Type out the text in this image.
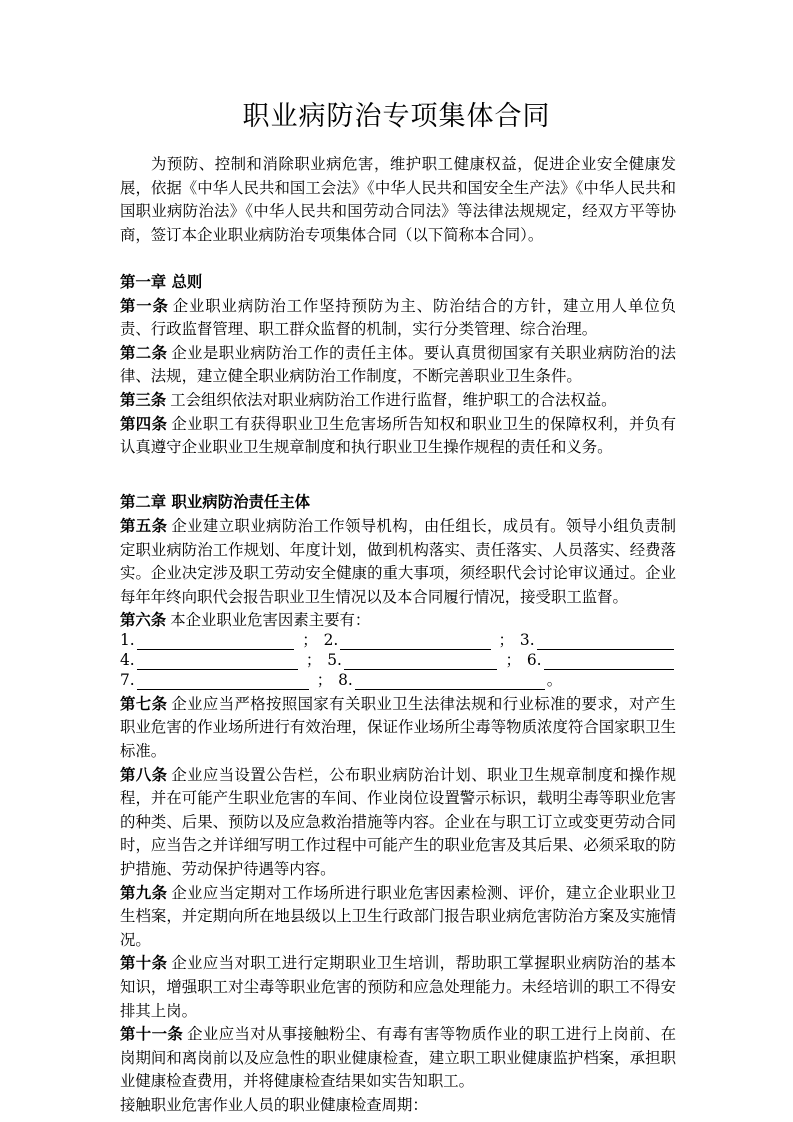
职业病防治专项集体合同

为预防、控制和消除职业病危害，维护职工健康权益，促进企业安全健康发展，依据《中华人民共和国工会法》《中华人民共和国安全生产法》《中华人民共和国职业病防治法》《中华人民共和国劳动合同法》等法律法规规定，经双方平等协商，签订本企业职业病防治专项集体合同（以下简称本合同）。

第一章 总则

第一条 企业职业病防治工作坚持预防为主、防治结合的方针，建立用人单位负责、行政监督管理、职工群众监督的机制，实行分类管理、综合治理。

第二条 企业是职业病防治工作的责任主体。要认真贯彻国家有关职业病防治的法律、法规，建立健全职业病防治工作制度，不断完善职业卫生条件。

第三条 工会组织依法对职业病防治工作进行监督，维护职工的合法权益。

第四条 企业职工有获得职业卫生危害场所告知权和职业卫生的保障权利，并负有认真遵守企业职业卫生规章制度和执行职业卫生操作规程的责任和义务。

第二章 职业病防治责任主体

第五条 企业建立职业病防治工作领导机构，由任组长，成员有。领导小组负责制定职业病防治工作规划、年度计划，做到机构落实、责任落实、人员落实、经费落实。企业决定涉及职工劳动安全健康的重大事项，须经职代会讨论审议通过。企业每年年终向职代会报告职业卫生情况以及本合同履行情况，接受职工监督。

第六条 本企业职业危害因素主要有：

1.	； 2.	； 3.
4.	； 5.	； 6.
7.	； 8.	。

第七条 企业应当严格按照国家有关职业卫生法律法规和行业标准的要求，对产生职业危害的作业场所进行有效治理，保证作业场所尘毒等物质浓度符合国家职卫生标准。

第八条 企业应当设置公告栏，公布职业病防治计划、职业卫生规章制度和操作规程，并在可能产生职业危害的车间、作业岗位设置警示标识，载明尘毒等职业危害的种类、后果、预防以及应急救治措施等内容。企业在与职工订立或变更劳动合同时，应当告之并详细写明工作过程中可能产生的职业危害及其后果、必须采取的防护措施、劳动保护待遇等内容。

第九条 企业应当定期对工作场所进行职业危害因素检测、评价，建立企业职业卫生档案，并定期向所在地县级以上卫生行政部门报告职业病危害防治方案及实施情况。

第十条 企业应当对职工进行定期职业卫生培训，帮助职工掌握职业病防治的基本知识，增强职工对尘毒等职业危害的预防和应急处理能力。未经培训的职工不得安排其上岗。

第十一条 企业应当对从事接触粉尘、有毒有害等物质作业的职工进行上岗前、在岗期间和离岗前以及应急性的职业健康检查，建立职工职业健康监护档案，承担职业健康检查费用，并将健康检查结果如实告知职工。

接触职业危害作业人员的职业健康检查周期：
